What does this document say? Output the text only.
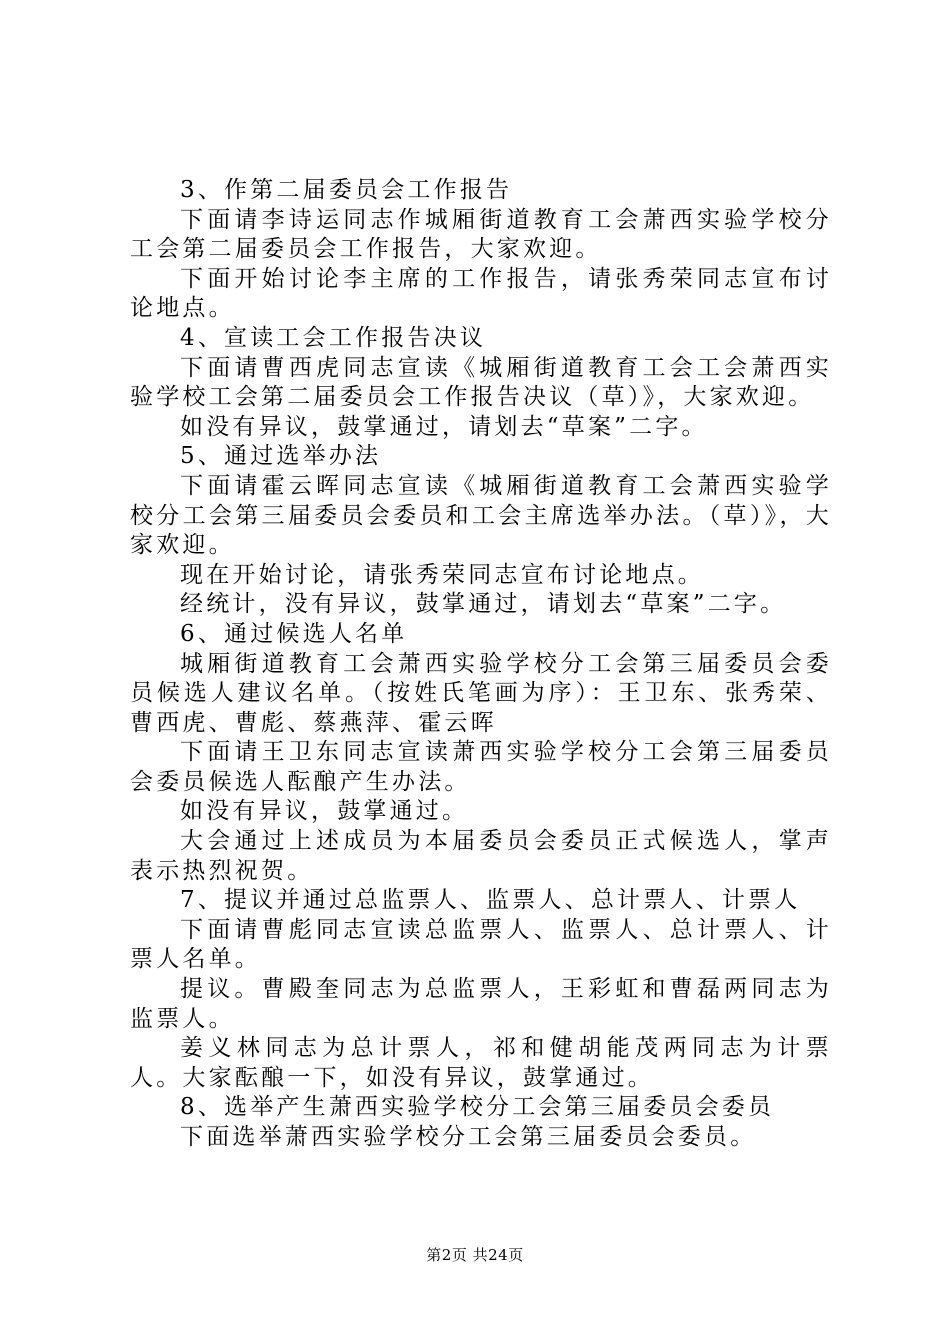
3、作第二届委员会工作报告

下面请李诗运同志作城厢街道教育工会萧西实验学校分工会第二届委员会工作报告，大家欢迎。

下面开始讨论李主席的工作报告，请张秀荣同志宣布讨论地点。

4、宣读工会工作报告决议

下面请曹西虎同志宣读《城厢街道教育工会工会萧西实验学校工会第二届委员会工作报告决议（草）》，大家欢迎。

如没有异议，鼓掌通过，请划去“草案”二字。

5、通过选举办法

下面请霍云晖同志宣读《城厢街道教育工会萧西实验学校分工会第三届委员会委员和工会主席选举办法。（草）》，大家欢迎。

现在开始讨论，请张秀荣同志宣布讨论地点。

经统计，没有异议，鼓掌通过，请划去“草案”二字。

6、通过候选人名单

城厢街道教育工会萧西实验学校分工会第三届委员会委员候选人建议名单。（按姓氏笔画为序）：王卫东、张秀荣、曹西虎、曹彪、蔡燕萍、霍云晖

下面请王卫东同志宣读萧西实验学校分工会第三届委员会委员候选人酝酿产生办法。

如没有异议，鼓掌通过。

大会通过上述成员为本届委员会委员正式候选人，掌声表示热烈祝贺。

7、提议并通过总监票人、监票人、总计票人、计票人

下面请曹彪同志宣读总监票人、监票人、总计票人、计票人名单。

提议。曹殿奎同志为总监票人，王彩虹和曹磊两同志为监票人。

姜义林同志为总计票人，祁和健胡能茂两同志为计票人。大家酝酿一下，如没有异议，鼓掌通过。

8、选举产生萧西实验学校分工会第三届委员会委员

下面选举萧西实验学校分工会第三届委员会委员。

第2页 共24页
